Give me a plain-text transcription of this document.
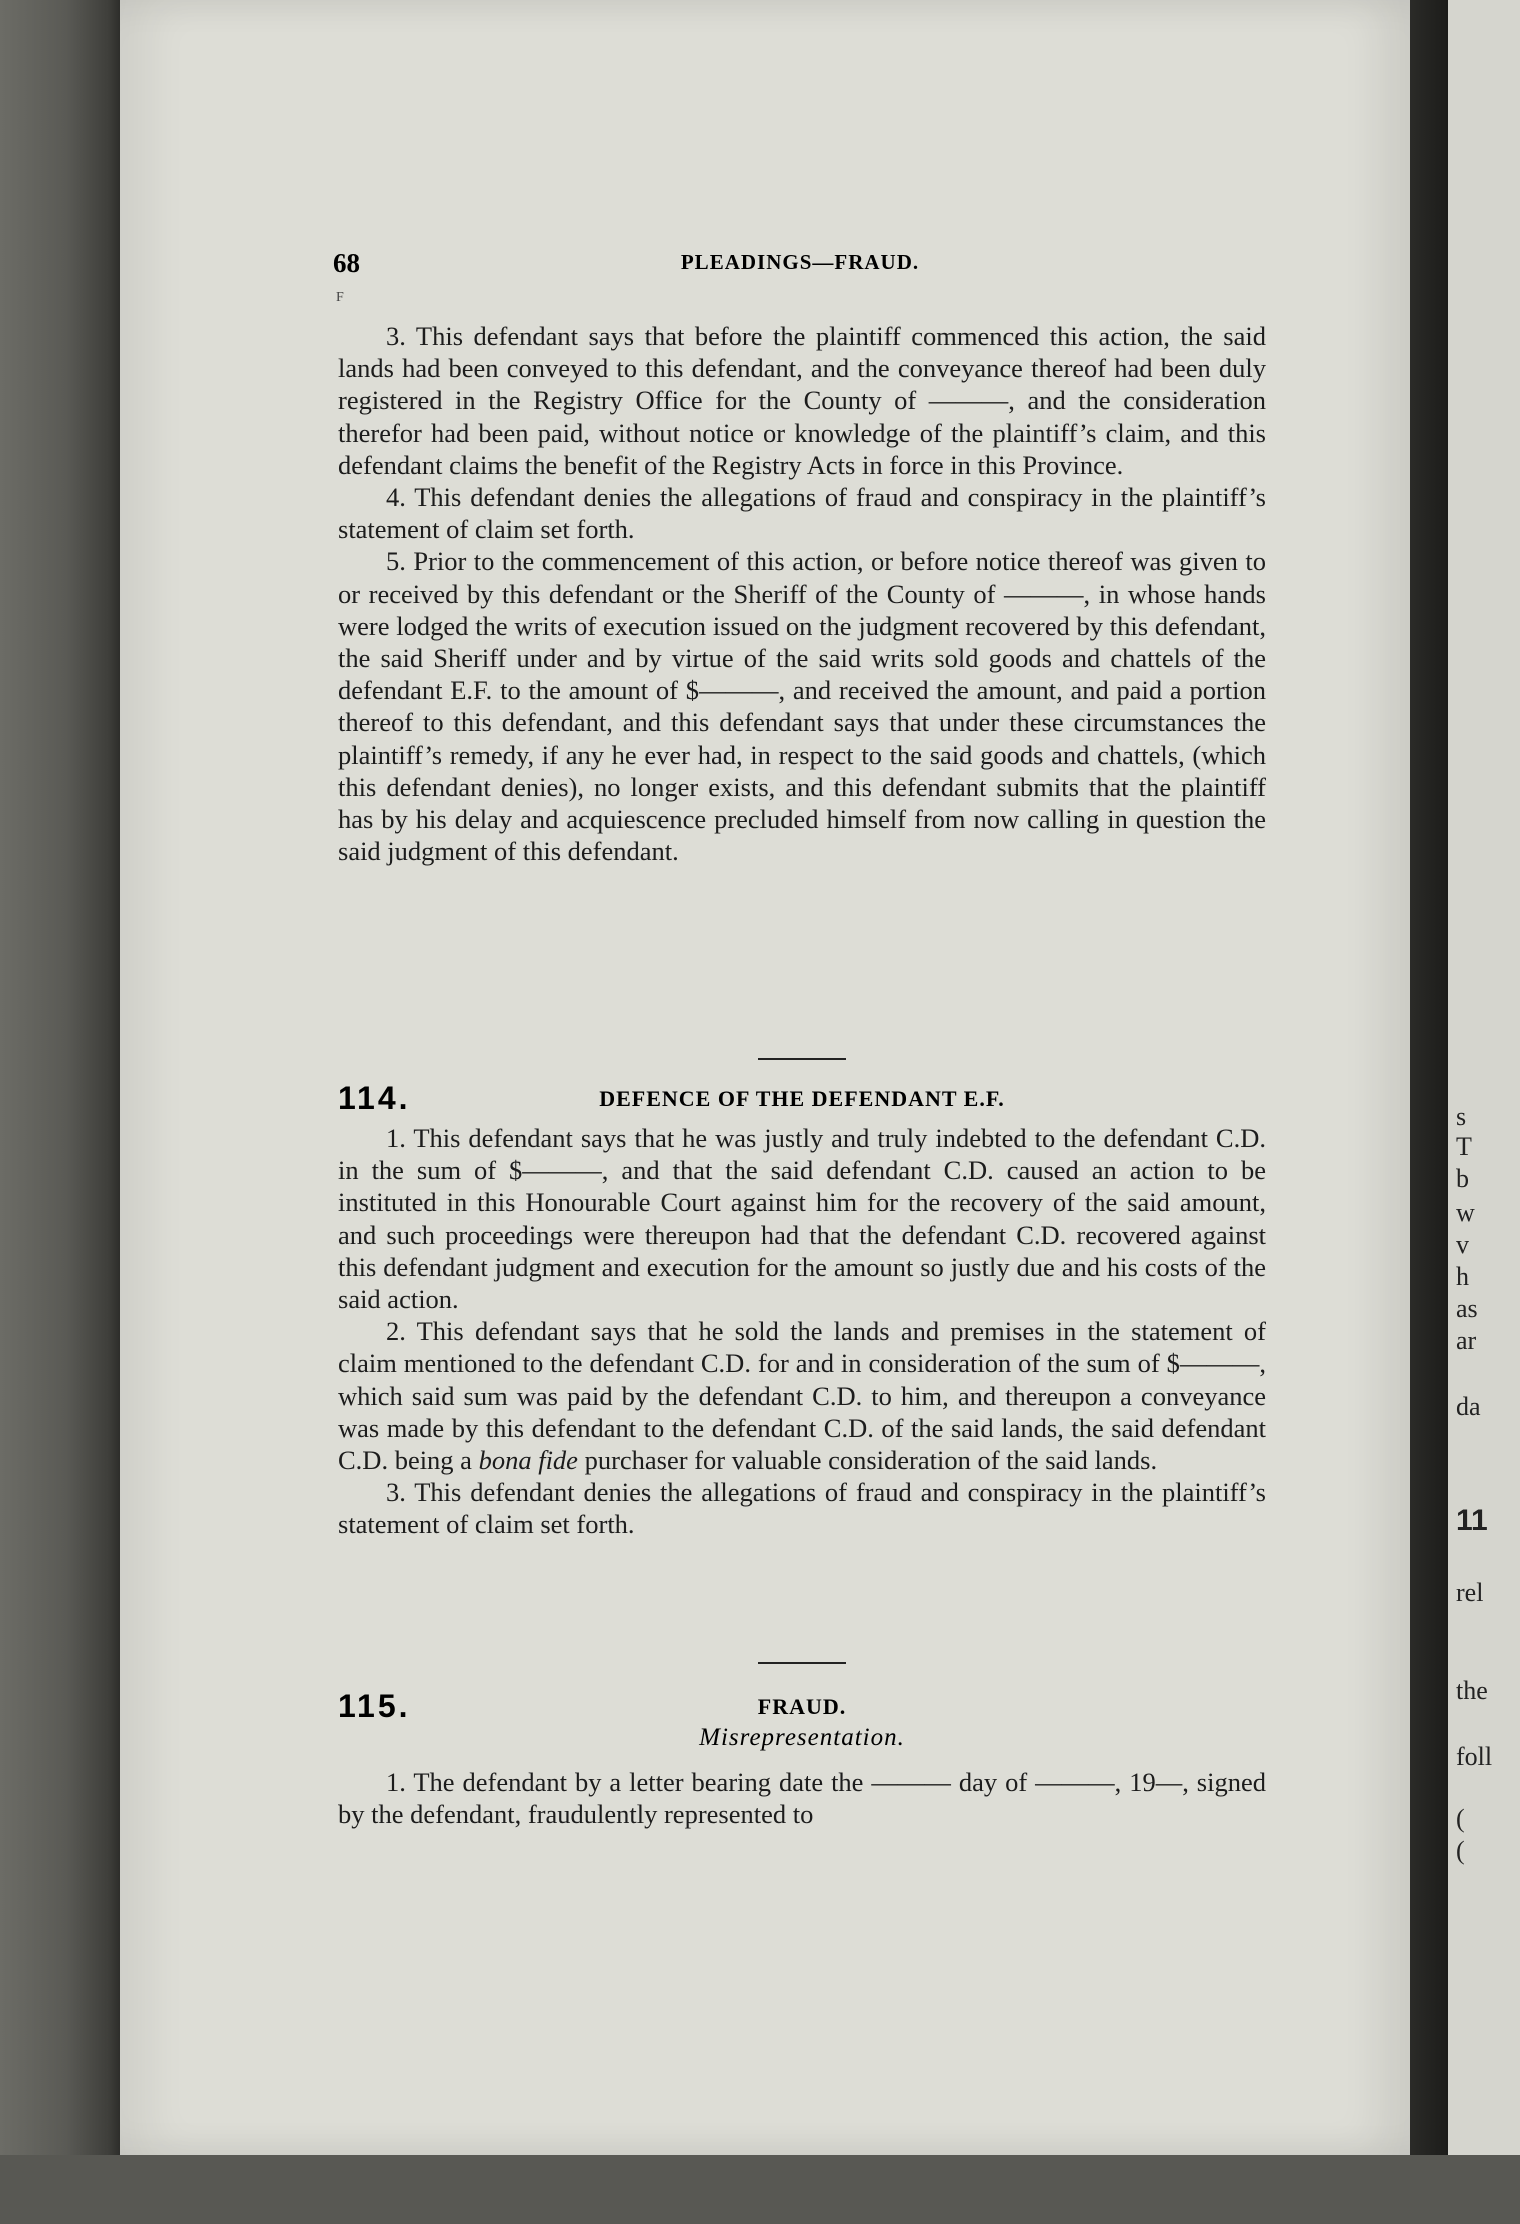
s
T
b
w
v
h
as
ar
da
11
rel
the
foll
(
(
68	PLEADINGS—FRAUD.
F

3. This defendant says that before the plaintiff commenced this action, the said lands had been conveyed to this defendant, and the conveyance thereof had been duly registered in the Registry Office for the County of ———, and the consideration therefor had been paid, without notice or knowledge of the plaintiff’s claim, and this defendant claims the benefit of the Registry Acts in force in this Province.

4. This defendant denies the allegations of fraud and conspiracy in the plaintiff’s statement of claim set forth.

5. Prior to the commencement of this action, or before notice thereof was given to or received by this defendant or the Sheriff of the County of ———, in whose hands were lodged the writs of execution issued on the judgment recovered by this defendant, the said Sheriff under and by virtue of the said writs sold goods and chattels of the defendant E.F. to the amount of $———, and received the amount, and paid a portion thereof to this defendant, and this defendant says that under these circumstances the plaintiff’s remedy, if any he ever had, in respect to the said goods and chattels, (which this defendant denies), no longer exists, and this defendant submits that the plaintiff has by his delay and acquiescence precluded himself from now calling in question the said judgment of this defendant.

114.	DEFENCE OF THE DEFENDANT E.F.

1. This defendant says that he was justly and truly indebted to the defendant C.D. in the sum of $———, and that the said defendant C.D. caused an action to be instituted in this Honourable Court against him for the recovery of the said amount, and such proceedings were thereupon had that the defendant C.D. recovered against this defendant judgment and execution for the amount so justly due and his costs of the said action.

2. This defendant says that he sold the lands and premises in the statement of claim mentioned to the defendant C.D. for and in consideration of the sum of $———, which said sum was paid by the defendant C.D. to him, and thereupon a conveyance was made by this defendant to the defendant C.D. of the said lands, the said defendant C.D. being a bona fide purchaser for valuable consideration of the said lands.

3. This defendant denies the allegations of fraud and conspiracy in the plaintiff’s statement of claim set forth.

115.	FRAUD.
Misrepresentation.

1. The defendant by a letter bearing date the ——— day of ———, 19—, signed by the defendant, fraudulently represented to
